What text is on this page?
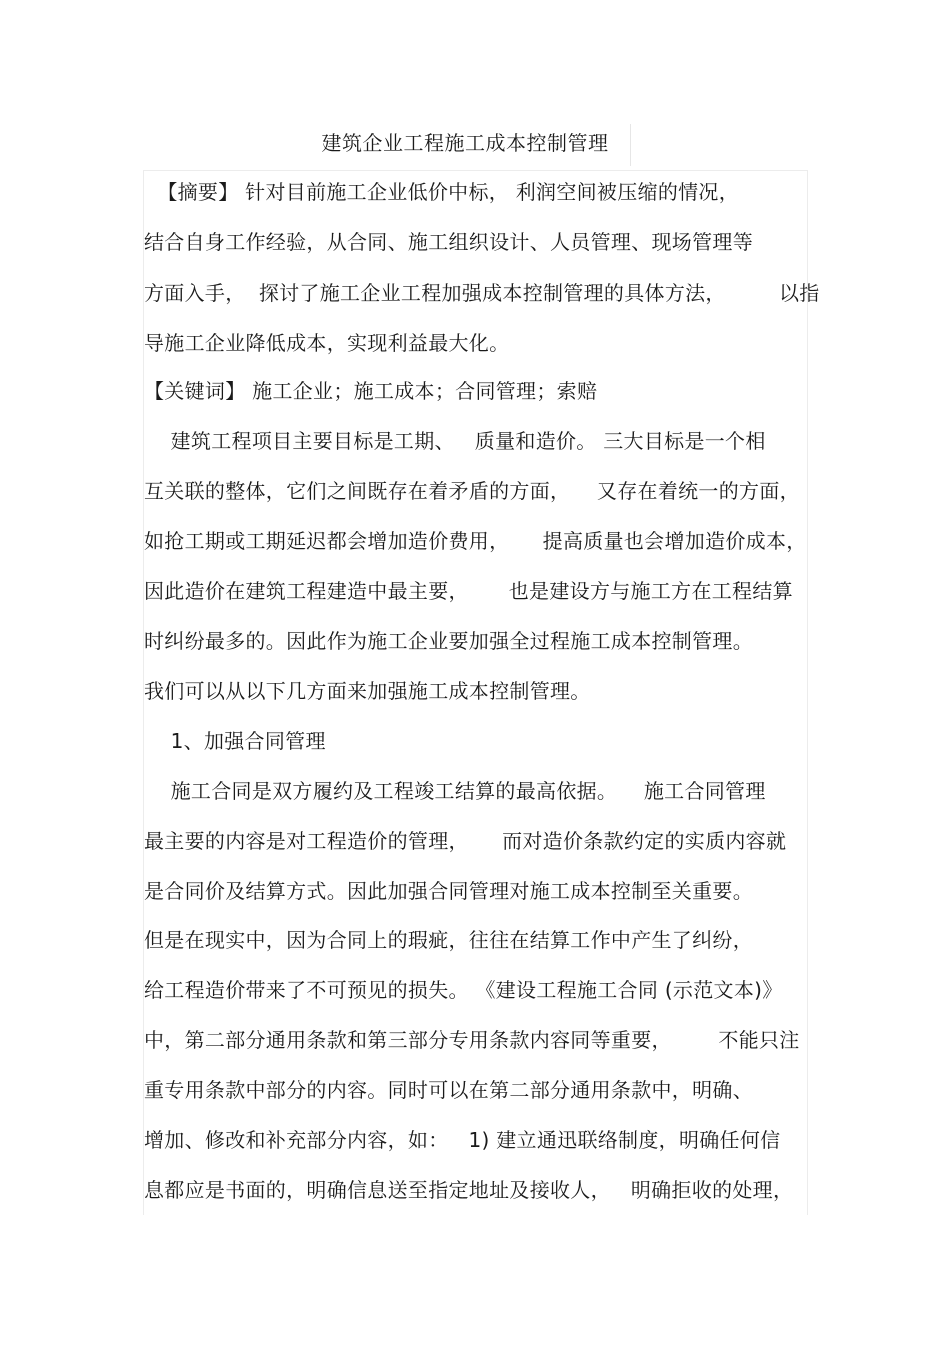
建筑企业工程施工成本控制管理
【摘要】 针对目前施工企业低价中标， 利润空间被压缩的情况，
结合自身工作经验，从合同、施工组织设计、人员管理、现场管理等
方面入手，  探讨了施工企业工程加强成本控制管理的具体方法，        以指
导施工企业降低成本，实现利益最大化。
【关键词】 施工企业；施工成本；合同管理；索赔
建筑工程项目主要目标是工期、   质量和造价。 三大目标是一个相
互关联的整体，它们之间既存在着矛盾的方面，    又存在着统一的方面，
如抢工期或工期延迟都会增加造价费用，     提高质量也会增加造价成本，
因此造价在建筑工程建造中最主要，      也是建设方与施工方在工程结算
时纠纷最多的。因此作为施工企业要加强全过程施工成本控制管理。
我们可以从以下几方面来加强施工成本控制管理。
1、加强合同管理
施工合同是双方履约及工程竣工结算的最高依据。    施工合同管理
最主要的内容是对工程造价的管理，     而对造价条款约定的实质内容就
是合同价及结算方式。因此加强合同管理对施工成本控制至关重要。
但是在现实中，因为合同上的瑕疵，往往在结算工作中产生了纠纷，
给工程造价带来了不可预见的损失。 《建设工程施工合同 (示范文本)》
中，第二部分通用条款和第三部分专用条款内容同等重要，       不能只注
重专用条款中部分的内容。同时可以在第二部分通用条款中，明确、
增加、修改和补充部分内容，如：   1) 建立通迅联络制度，明确任何信
息都应是书面的，明确信息送至指定地址及接收人，   明确拒收的处理，
